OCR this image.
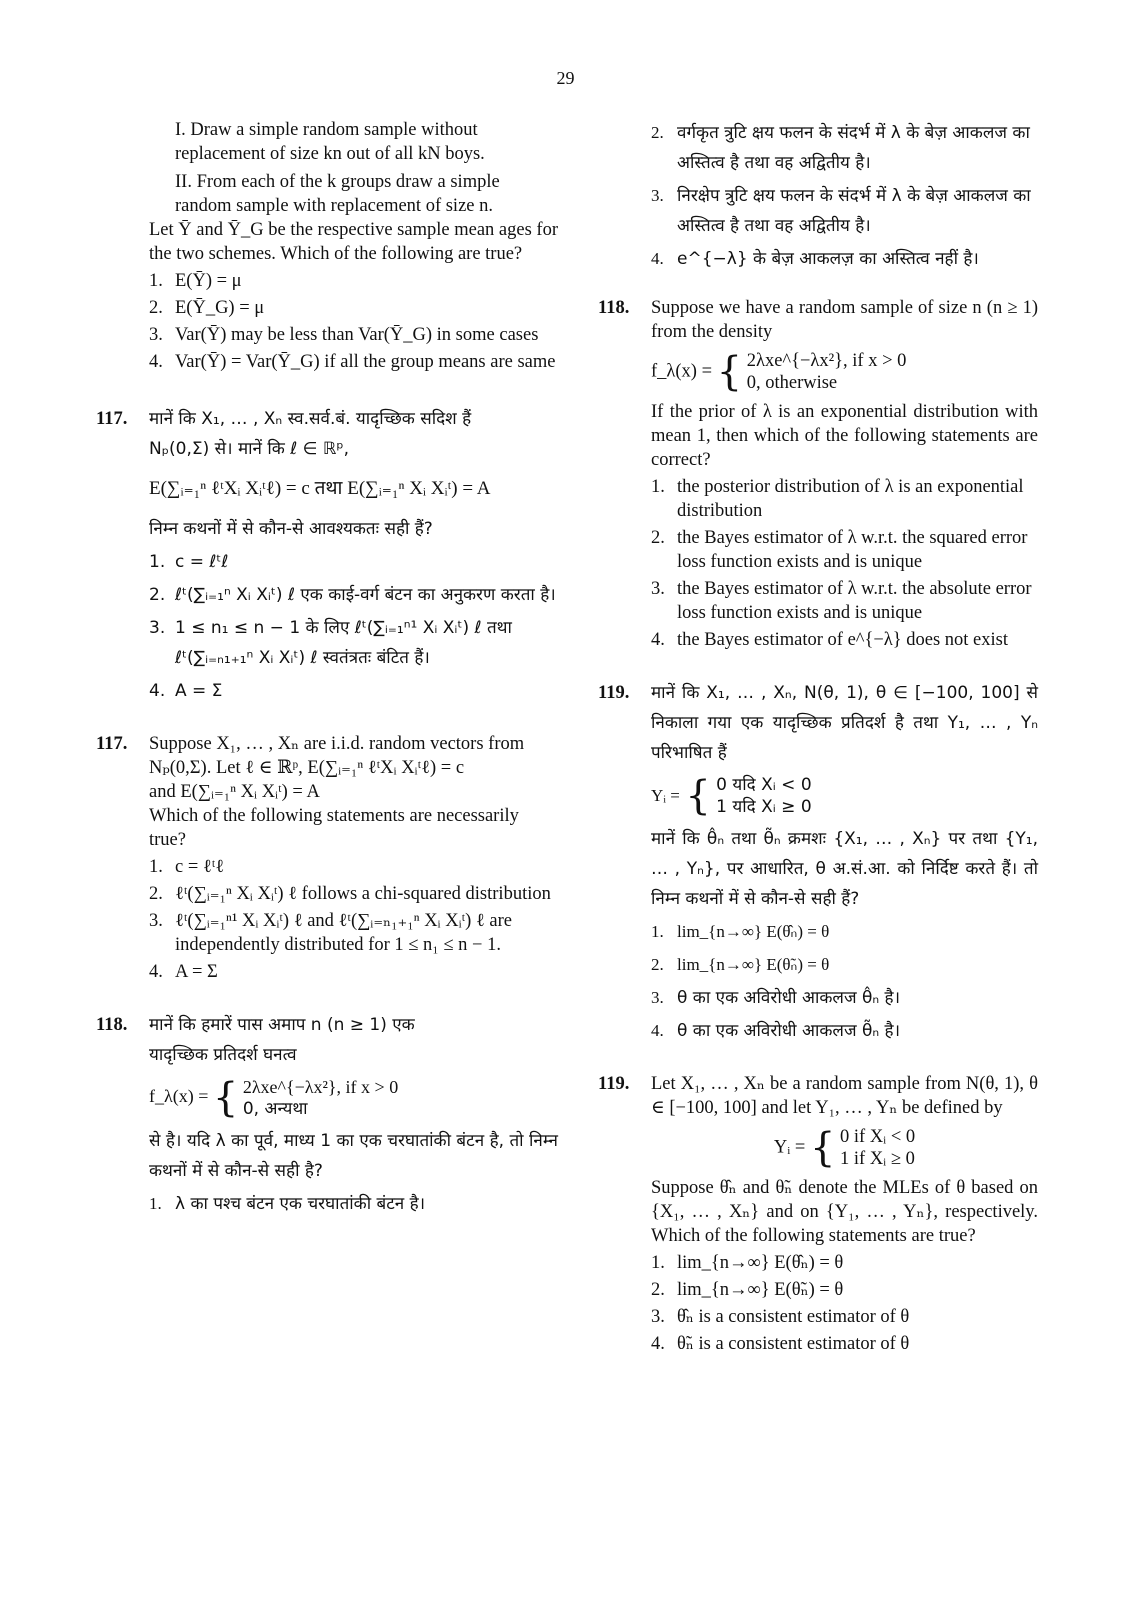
29
I. Draw a simple random sample without replacement of size kn out of all kN boys.
II. From each of the k groups draw a simple random sample with replacement of size n.
Let Ȳ and Ȳ_G be the respective sample mean ages for the two schemes. Which of the following are true?
1. E(Ȳ) = μ
2. E(Ȳ_G) = μ
3. Var(Ȳ) may be less than Var(Ȳ_G) in some cases
4. Var(Ȳ) = Var(Ȳ_G) if all the group means are same
117. मानें कि X₁, … , Xₙ स्व.सर्व.बं. यादृच्छिक सदिश हैं
Nₚ(0,Σ) से। मानें कि ℓ ∈ ℝᵖ,
E(∑ᵢ₌₁ⁿ ℓᵗXᵢ Xᵢᵗℓ) = c तथा E(∑ᵢ₌₁ⁿ Xᵢ Xᵢᵗ) = A
निम्न कथनों में से कौन-से आवश्यकतः सही हैं?
1. c = ℓᵗℓ
2. ℓᵗ(∑ᵢ₌₁ⁿ Xᵢ Xᵢᵗ) ℓ एक काई-वर्ग बंटन का अनुकरण करता है।
3. 1 ≤ n₁ ≤ n − 1 के लिए ℓᵗ(∑ᵢ₌₁ⁿ¹ Xᵢ Xᵢᵗ) ℓ तथा ℓᵗ(∑ᵢ₌ₙ₁₊₁ⁿ Xᵢ Xᵢᵗ) ℓ स्वतंत्रतः बंटित हैं।
4. A = Σ
117. Suppose X₁, … , Xₙ are i.i.d. random vectors from
Nₚ(0,Σ). Let ℓ ∈ ℝᵖ, E(∑ᵢ₌₁ⁿ ℓᵗXᵢ Xᵢᵗℓ) = c
and E(∑ᵢ₌₁ⁿ Xᵢ Xᵢᵗ) = A
Which of the following statements are necessarily true?
1. c = ℓᵗℓ
2. ℓᵗ(∑ᵢ₌₁ⁿ Xᵢ Xᵢᵗ) ℓ follows a chi-squared distribution
3. ℓᵗ(∑ᵢ₌₁ⁿ¹ Xᵢ Xᵢᵗ) ℓ and ℓᵗ(∑ᵢ₌ₙ₁₊₁ⁿ Xᵢ Xᵢᵗ) ℓ are independently distributed for 1 ≤ n₁ ≤ n − 1.
4. A = Σ
118. मानें कि हमारें पास अमाप n (n ≥ 1) एक
यादृच्छिक प्रतिदर्श घनत्व
f_λ(x) = { 2λxe^{−λx²}, if x > 0
0, अन्यथा
से है। यदि λ का पूर्व, माध्य 1 का एक चरघातांकी बंटन है, तो निम्न कथनों में से कौन-से सही है?
1. λ का पश्च बंटन एक चरघातांकी बंटन है।
2. वर्गकृत त्रुटि क्षय फलन के संदर्भ में λ के बेज़ आकलज का अस्तित्व है तथा वह अद्वितीय है।
3. निरक्षेप त्रुटि क्षय फलन के संदर्भ में λ के बेज़ आकलज का अस्तित्व है तथा वह अद्वितीय है।
4. e^{−λ} के बेज़ आकलज़ का अस्तित्व नहीं है।
118. Suppose we have a random sample of size n (n ≥ 1) from the density
f_λ(x) = { 2λxe^{−λx²}, if x > 0
0, otherwise
If the prior of λ is an exponential distribution with mean 1, then which of the following statements are correct?
1. the posterior distribution of λ is an exponential distribution
2. the Bayes estimator of λ w.r.t. the squared error loss function exists and is unique
3. the Bayes estimator of λ w.r.t. the absolute error loss function exists and is unique
4. the Bayes estimator of e^{−λ} does not exist
119. मानें कि X₁, … , Xₙ, N(θ, 1), θ ∈ [−100, 100] से निकाला गया एक यादृच्छिक प्रतिदर्श है तथा Y₁, … , Yₙ परिभाषित हैं
Yᵢ = { 0 यदि Xᵢ < 0
1 यदि Xᵢ ≥ 0
मानें कि θ̂ₙ तथा θ̃ₙ क्रमशः {X₁, … , Xₙ} पर तथा {Y₁, … , Yₙ}, पर आधारित, θ अ.सं.आ. को निर्दिष्ट करते हैं। तो निम्न कथनों में से कौन-से सही हैं?
1. lim_{n→∞} E(θ̂ₙ) = θ
2. lim_{n→∞} E(θ̃ₙ) = θ
3. θ का एक अविरोधी आकलज θ̂ₙ है।
4. θ का एक अविरोधी आकलज θ̃ₙ है।
119. Let X₁, … , Xₙ be a random sample from N(θ, 1), θ ∈ [−100, 100] and let Y₁, … , Yₙ be defined by
Yᵢ = { 0 if Xᵢ < 0
1 if Xᵢ ≥ 0
Suppose θ̂ₙ and θ̃ₙ denote the MLEs of θ based on {X₁, … , Xₙ} and on {Y₁, … , Yₙ}, respectively. Which of the following statements are true?
1. lim_{n→∞} E(θ̂ₙ) = θ
2. lim_{n→∞} E(θ̃ₙ) = θ
3. θ̂ₙ is a consistent estimator of θ
4. θ̃ₙ is a consistent estimator of θ
